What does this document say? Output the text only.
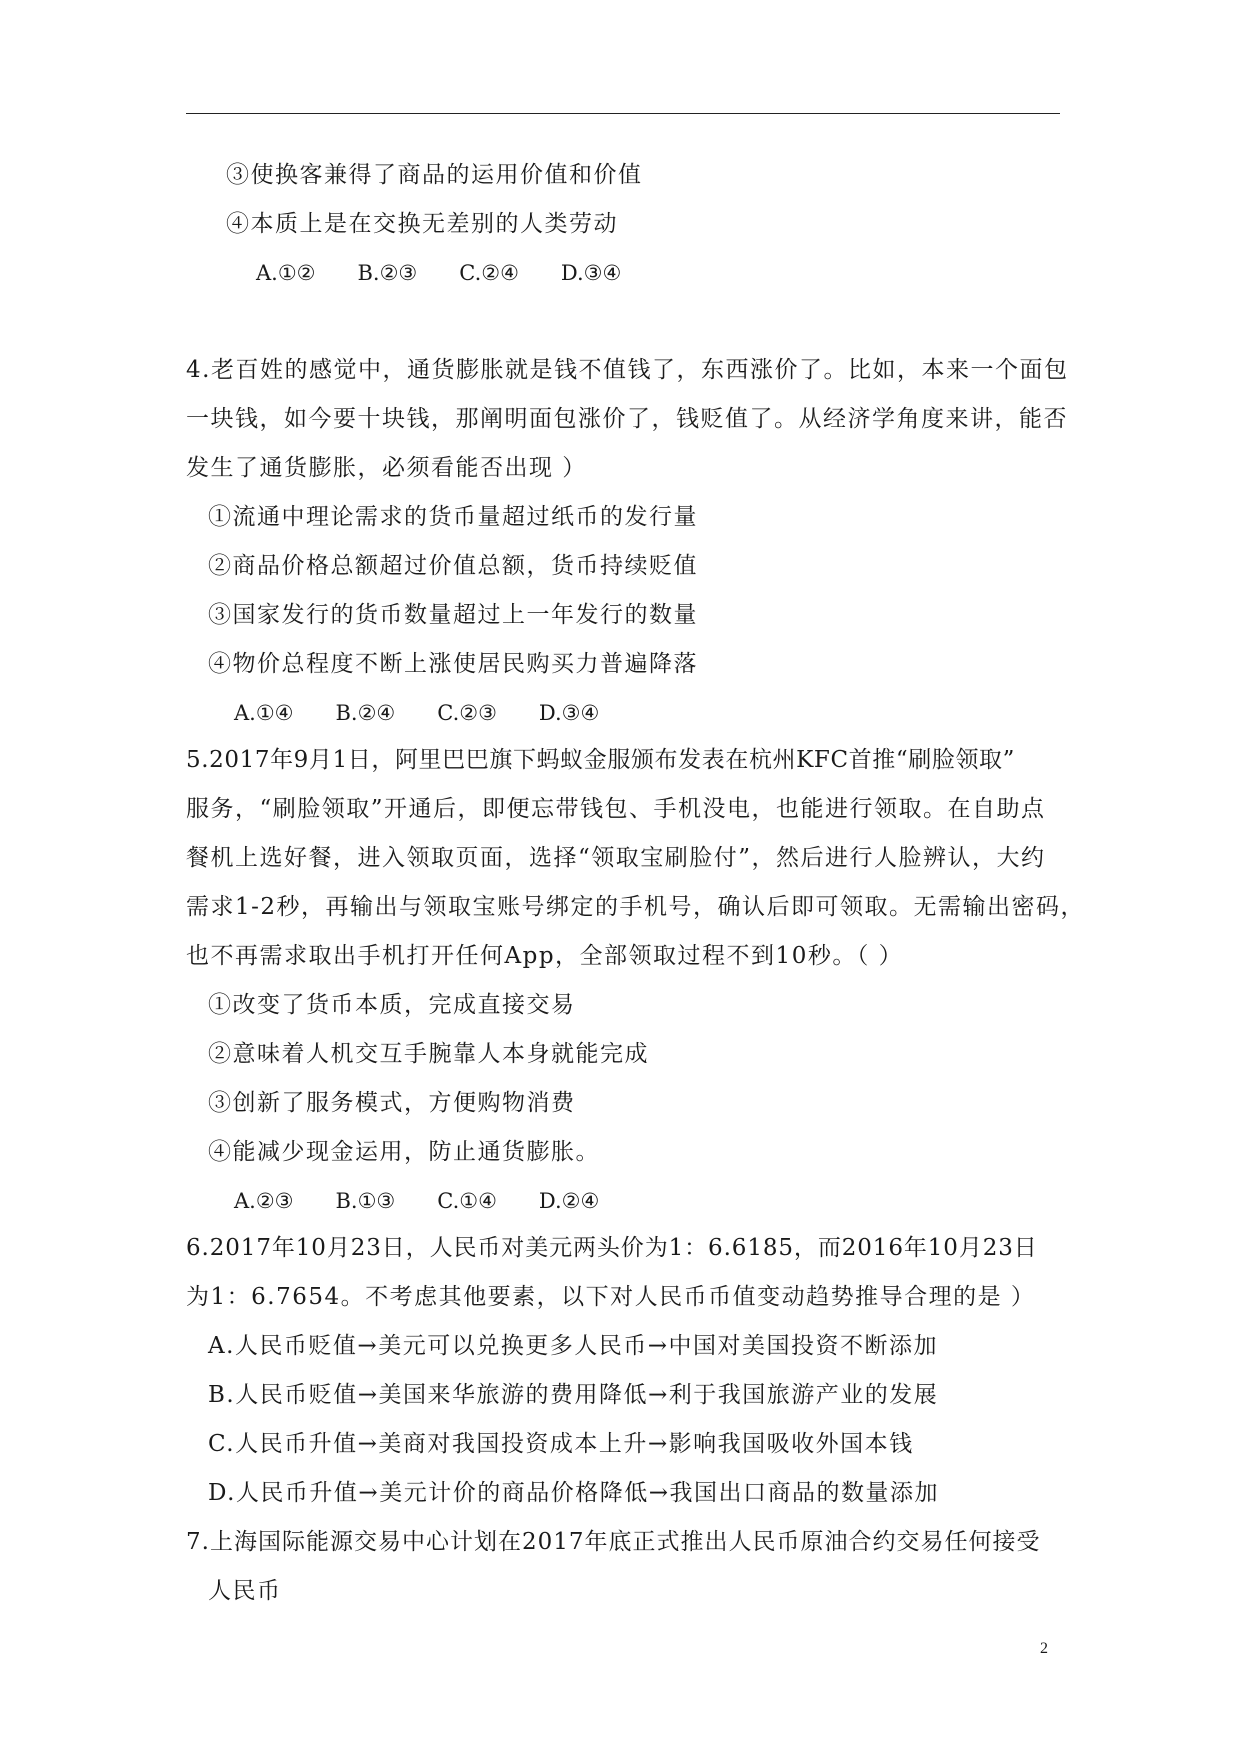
③使换客兼得了商品的运用价值和价值
④本质上是在交换无差别的人类劳动
A.①② B.②③ C.②④ D.③④
4.老百姓的感觉中，通货膨胀就是钱不值钱了，东西涨价了。比如，本来一个面包
一块钱，如今要十块钱，那阐明面包涨价了，钱贬值了。从经济学角度来讲，能否
发生了通货膨胀，必须看能否出现 ）
①流通中理论需求的货币量超过纸币的发行量
②商品价格总额超过价值总额，货币持续贬值
③国家发行的货币数量超过上一年发行的数量
④物价总程度不断上涨使居民购买力普遍降落
A.①④ B.②④ C.②③ D.③④
5.2017年9月1日，阿里巴巴旗下蚂蚁金服颁布发表在杭州KFC首推“刷脸领取”
服务，“刷脸领取”开通后，即便忘带钱包、手机没电，也能进行领取。在自助点
餐机上选好餐，进入领取页面，选择“领取宝刷脸付”，然后进行人脸辨认，大约
需求1-2秒，再输出与领取宝账号绑定的手机号，确认后即可领取。无需输出密码，
也不再需求取出手机打开任何App，全部领取过程不到10秒。（ ）
①改变了货币本质，完成直接交易
②意味着人机交互手腕靠人本身就能完成
③创新了服务模式，方便购物消费
④能减少现金运用，防止通货膨胀。
A.②③ B.①③ C.①④ D.②④
6.2017年10月23日，人民币对美元两头价为1：6.6185，而2016年10月23日
为1：6.7654。不考虑其他要素，以下对人民币币值变动趋势推导合理的是 ）
A.人民币贬值→美元可以兑换更多人民币→中国对美国投资不断添加
B.人民币贬值→美国来华旅游的费用降低→利于我国旅游产业的发展
C.人民币升值→美商对我国投资成本上升→影响我国吸收外国本钱
D.人民币升值→美元计价的商品价格降低→我国出口商品的数量添加
7.上海国际能源交易中心计划在2017年底正式推出人民币原油合约交易任何接受
人民币
2
